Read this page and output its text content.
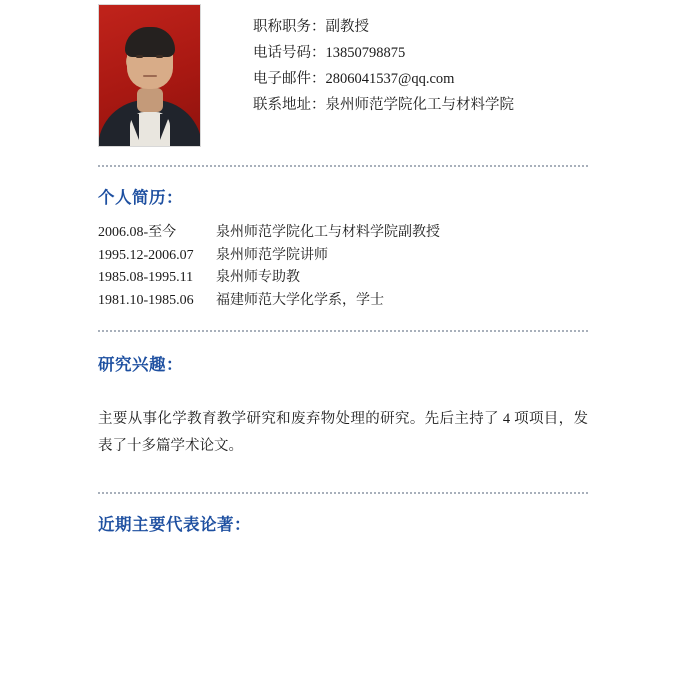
职称职务：副教授
电话号码：13850798875
电子邮件：2806041537@qq.com
联系地址：泉州师范学院化工与材料学院
个人简历：
2006.08-至今	泉州师范学院化工与材料学院副教授
1995.12-2006.07	泉州师范学院讲师
1985.08-1995.11	泉州师专助教
1981.10-1985.06	福建师范大学化学系，学士
研究兴趣：

主要从事化学教育教学研究和废弃物处理的研究。先后主持了 4 项项目，发表了十多篇学术论文。

近期主要代表论著：
